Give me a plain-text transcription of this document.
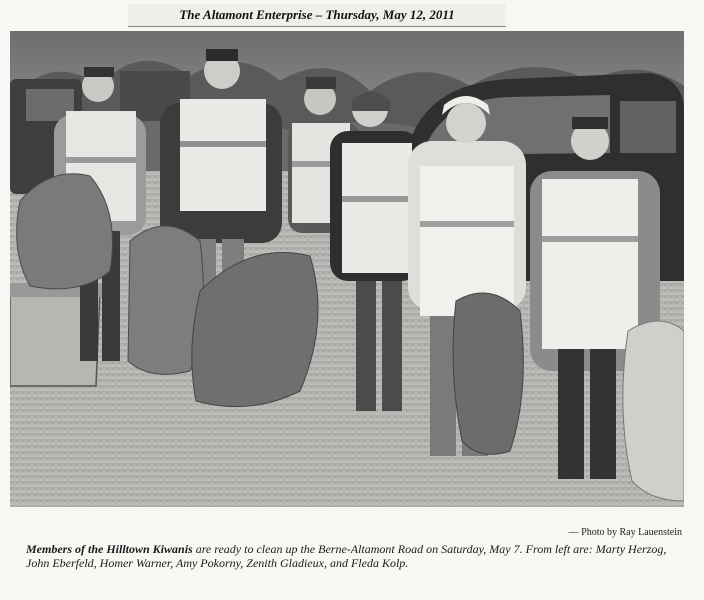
The Altamont Enterprise – Thursday, May 12, 2011
— Photo by Ray Lauenstein
Members of the Hilltown Kiwanis are ready to clean up the Berne-Altamont Road on Saturday, May 7. From left are: Marty Herzog, John Eberfeld, Homer Warner, Amy Pokorny, Zenith Gladieux, and Fleda Kolp.
